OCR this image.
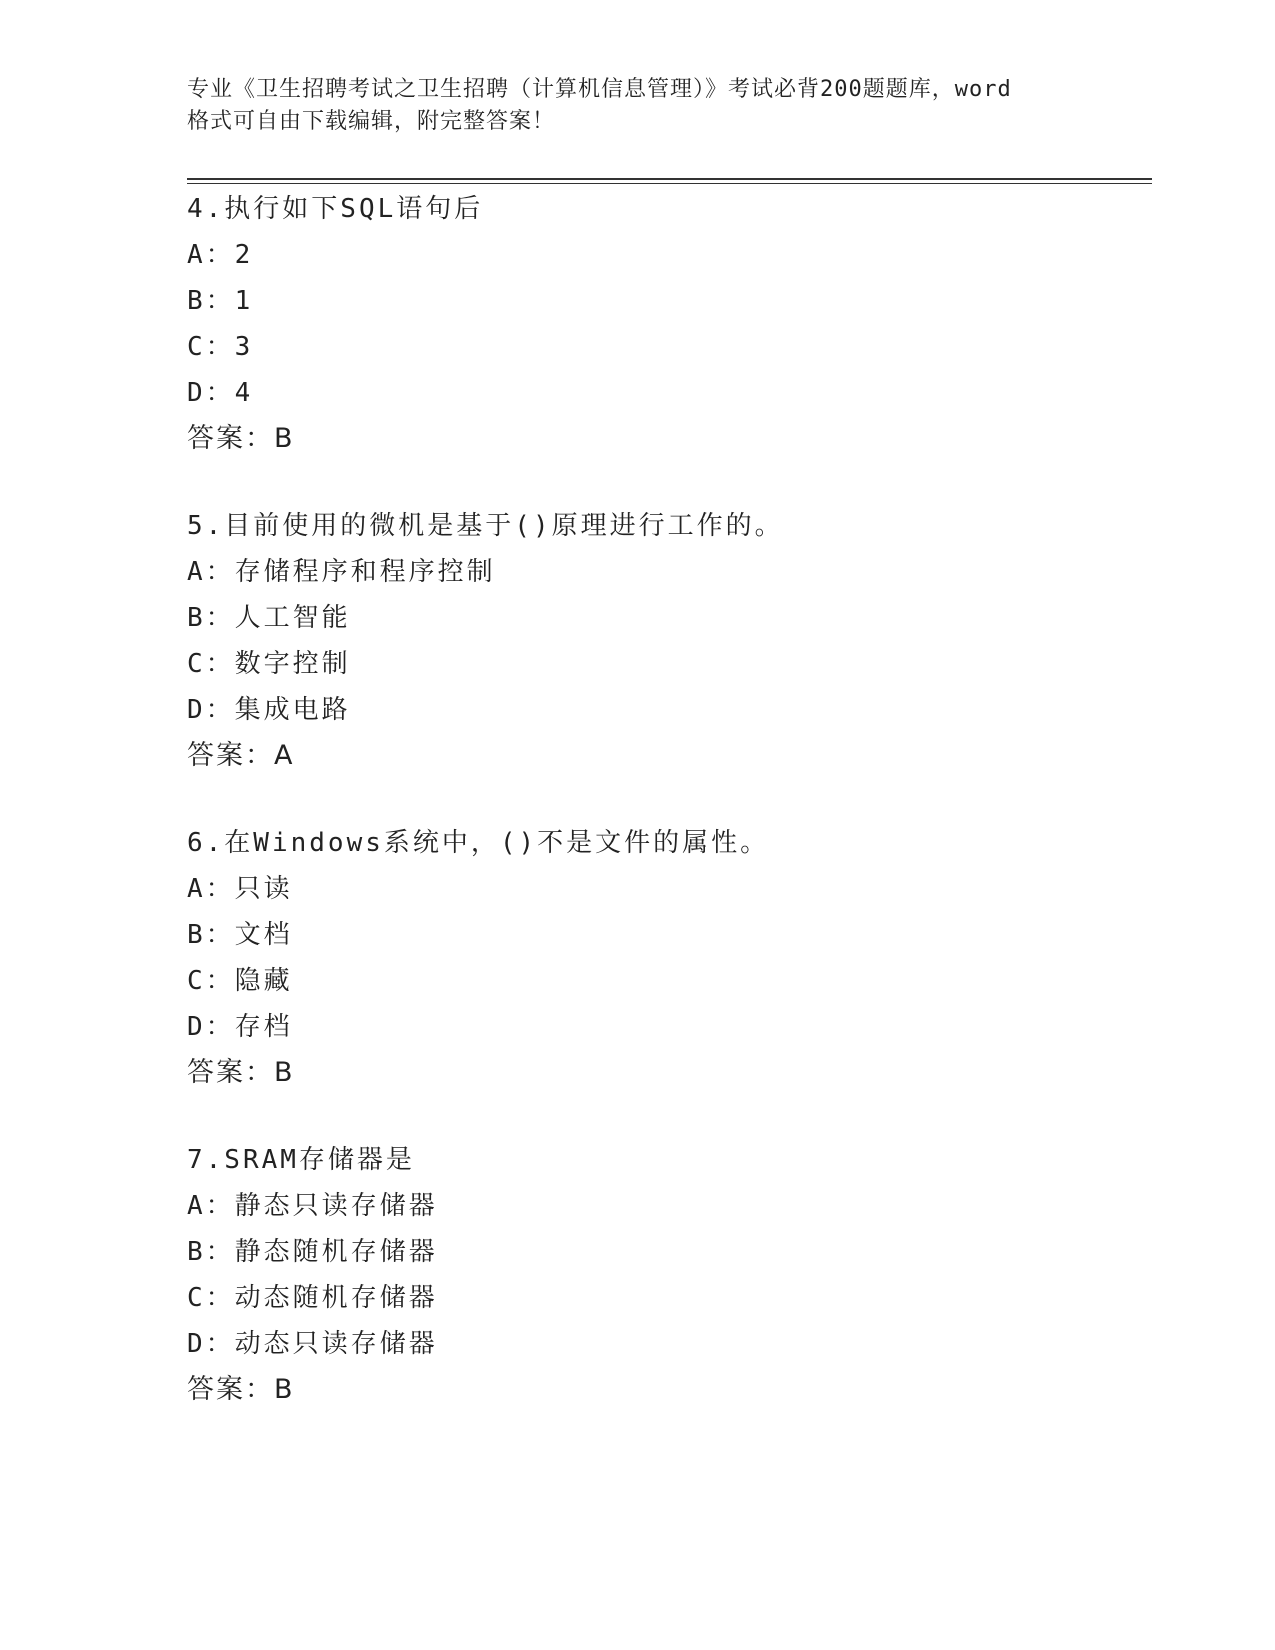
专业《卫生招聘考试之卫生招聘（计算机信息管理）》考试必背200题题库，word
格式可自由下载编辑，附完整答案！
4.执行如下SQL语句后
A：2
B：1
C：3
D：4
答案：B
5.目前使用的微机是基于()原理进行工作的。
A：存储程序和程序控制
B：人工智能
C：数字控制
D：集成电路
答案：A
6.在Windows系统中，()不是文件的属性。
A：只读
B：文档
C：隐藏
D：存档
答案：B
7.SRAM存储器是
A：静态只读存储器
B：静态随机存储器
C：动态随机存储器
D：动态只读存储器
答案：B
